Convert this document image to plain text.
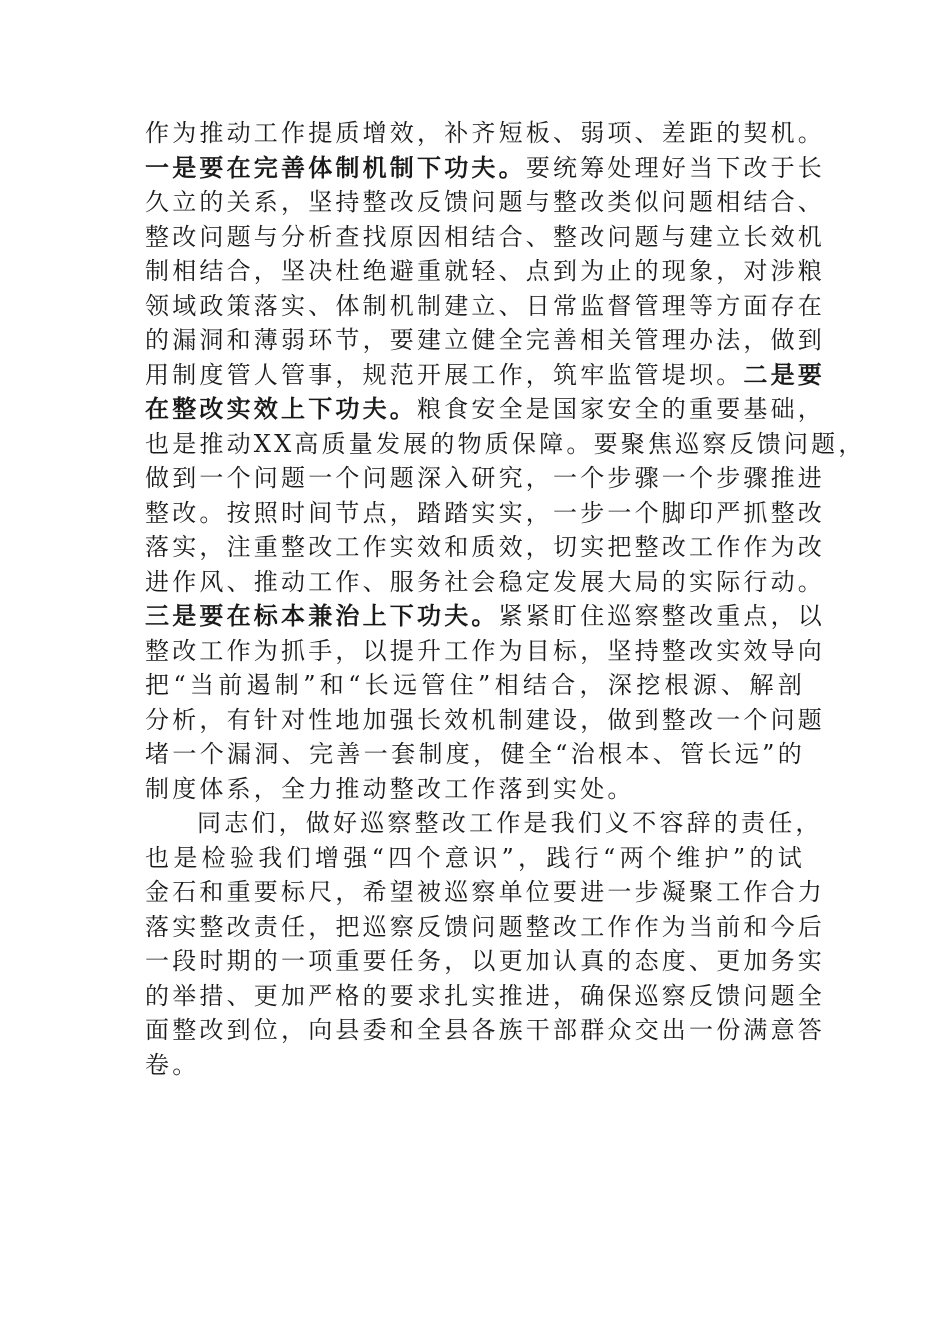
作为推动工作提质增效，补齐短板、弱项、差距的契机。
一是要在完善体制机制下功夫。要统筹处理好当下改于长
久立的关系，坚持整改反馈问题与整改类似问题相结合、
整改问题与分析查找原因相结合、整改问题与建立长效机
制相结合，坚决杜绝避重就轻、点到为止的现象，对涉粮
领域政策落实、体制机制建立、日常监督管理等方面存在
的漏洞和薄弱环节，要建立健全完善相关管理办法，做到
用制度管人管事，规范开展工作，筑牢监管堤坝。二是要
在整改实效上下功夫。粮食安全是国家安全的重要基础，
也是推动XX高质量发展的物质保障。要聚焦巡察反馈问题，
做到一个问题一个问题深入研究，一个步骤一个步骤推进
整改。按照时间节点，踏踏实实，一步一个脚印严抓整改
落实，注重整改工作实效和质效，切实把整改工作作为改
进作风、推动工作、服务社会稳定发展大局的实际行动。
三是要在标本兼治上下功夫。紧紧盯住巡察整改重点，以
整改工作为抓手，以提升工作为目标，坚持整改实效导向
把“当前遏制”和“长远管住”相结合，深挖根源、解剖
分析，有针对性地加强长效机制建设，做到整改一个问题
堵一个漏洞、完善一套制度，健全“治根本、管长远”的
制度体系，全力推动整改工作落到实处。
同志们，做好巡察整改工作是我们义不容辞的责任，
也是检验我们增强“四个意识”，践行“两个维护”的试
金石和重要标尺，希望被巡察单位要进一步凝聚工作合力
落实整改责任，把巡察反馈问题整改工作作为当前和今后
一段时期的一项重要任务，以更加认真的态度、更加务实
的举措、更加严格的要求扎实推进，确保巡察反馈问题全
面整改到位，向县委和全县各族干部群众交出一份满意答
卷。
